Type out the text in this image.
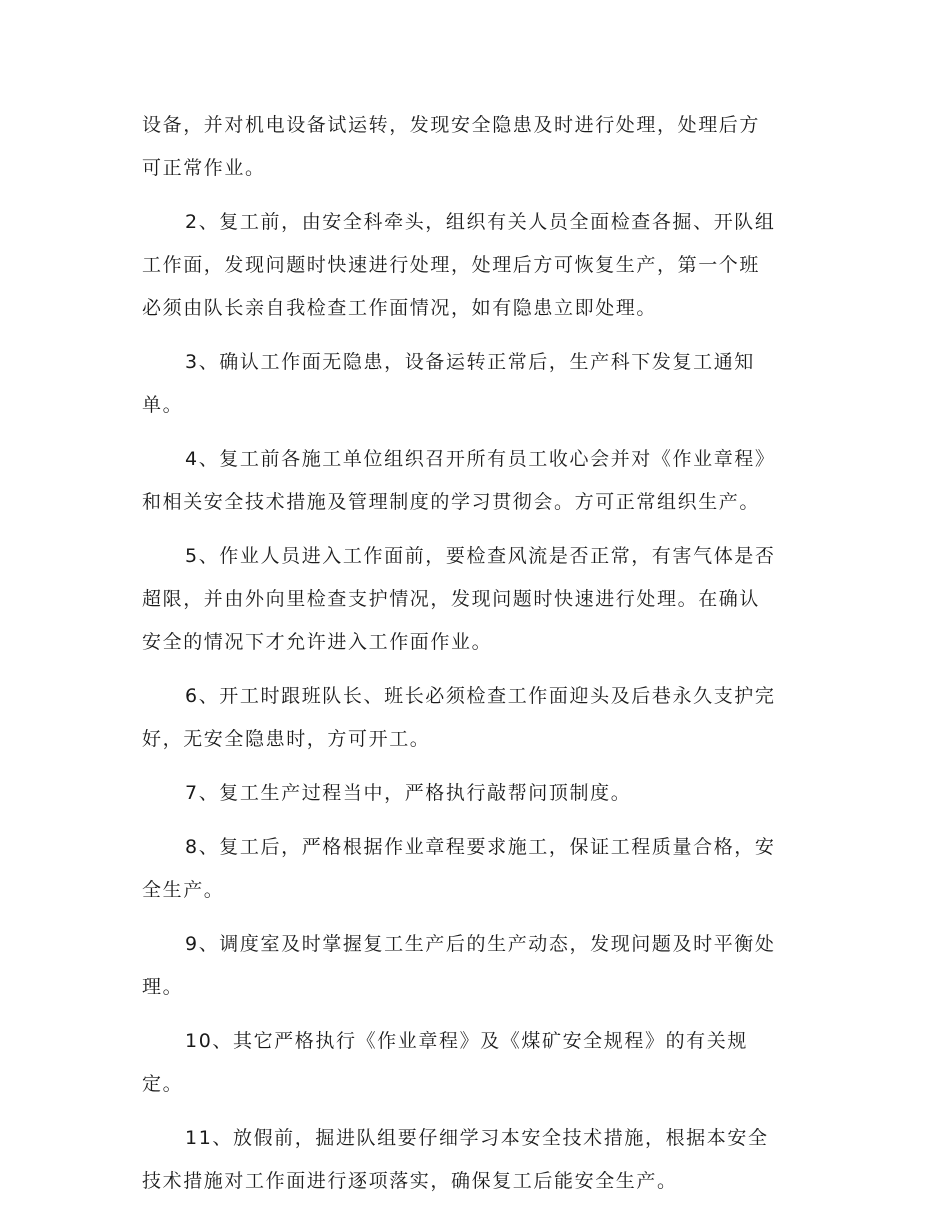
设备，并对机电设备试运转，发现安全隐患及时进行处理，处理后方
可正常作业。

2、复工前，由安全科牵头，组织有关人员全面检查各掘、开队组
工作面，发现问题时快速进行处理，处理后方可恢复生产，第一个班
必须由队长亲自我检查工作面情况，如有隐患立即处理。

3、确认工作面无隐患，设备运转正常后，生产科下发复工通知
单。

4、复工前各施工单位组织召开所有员工收心会并对《作业章程》
和相关安全技术措施及管理制度的学习贯彻会。方可正常组织生产。

5、作业人员进入工作面前，要检查风流是否正常，有害气体是否
超限，并由外向里检查支护情况，发现问题时快速进行处理。在确认
安全的情况下才允许进入工作面作业。

6、开工时跟班队长、班长必须检查工作面迎头及后巷永久支护完
好，无安全隐患时，方可开工。

7、复工生产过程当中，严格执行敲帮问顶制度。

8、复工后，严格根据作业章程要求施工，保证工程质量合格，安
全生产。

9、调度室及时掌握复工生产后的生产动态，发现问题及时平衡处
理。

10、其它严格执行《作业章程》及《煤矿安全规程》的有关规
定。

11、放假前，掘进队组要仔细学习本安全技术措施，根据本安全
技术措施对工作面进行逐项落实，确保复工后能安全生产。
